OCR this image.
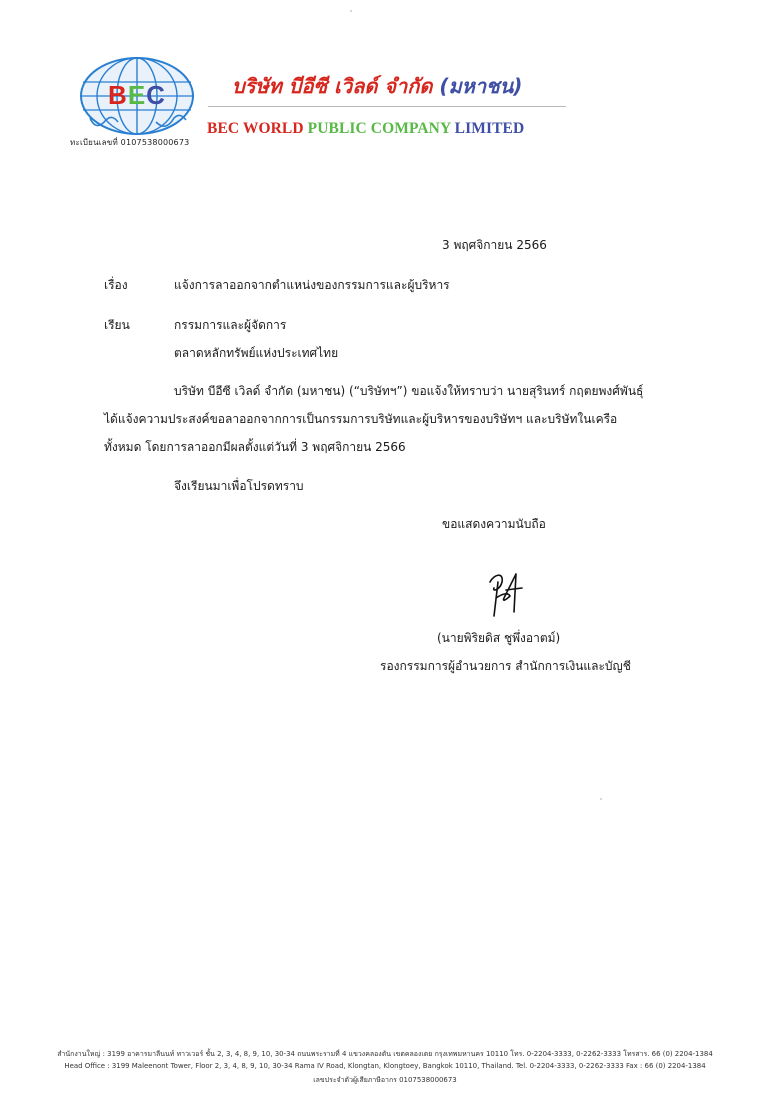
BEC
ทะเบียนเลขที่ 0107538000673
บริษัท บีอีซี เวิลด์ จำกัด (มหาชน)
BEC WORLD PUBLIC COMPANY LIMITED
3 พฤศจิกายน 2566
เรื่อง	แจ้งการลาออกจากตำแหน่งของกรรมการและผู้บริหาร
เรียน	กรรมการและผู้จัดการ
ตลาดหลักทรัพย์แห่งประเทศไทย
บริษัท บีอีซี เวิลด์ จำกัด (มหาชน) (“บริษัทฯ”) ขอแจ้งให้ทราบว่า นายสุรินทร์ กฤตยพงศ์พันธุ์
ได้แจ้งความประสงค์ขอลาออกจากการเป็นกรรมการบริษัทและผู้บริหารของบริษัทฯ และบริษัทในเครือ
ทั้งหมด โดยการลาออกมีผลตั้งแต่วันที่ 3 พฤศจิกายน 2566
จึงเรียนมาเพื่อโปรดทราบ
ขอแสดงความนับถือ
(นายพิริยดิส ชูพึ่งอาตม์)
รองกรรมการผู้อำนวยการ สำนักการเงินและบัญชี
สำนักงานใหญ่ : 3199 อาคารมาลีนนท์ ทาวเวอร์ ชั้น 2, 3, 4, 8, 9, 10, 30-34 ถนนพระรามที่ 4 แขวงคลองตัน เขตคลองเตย กรุงเทพมหานคร 10110 โทร. 0-2204-3333, 0-2262-3333 โทรสาร. 66 (0) 2204-1384
Head Office : 3199 Maleenont Tower, Floor 2, 3, 4, 8, 9, 10, 30-34 Rama IV Road, Klongtan, Klongtoey, Bangkok 10110, Thailand. Tel. 0-2204-3333, 0-2262-3333 Fax : 66 (0) 2204-1384
เลขประจำตัวผู้เสียภาษีอากร 0107538000673
